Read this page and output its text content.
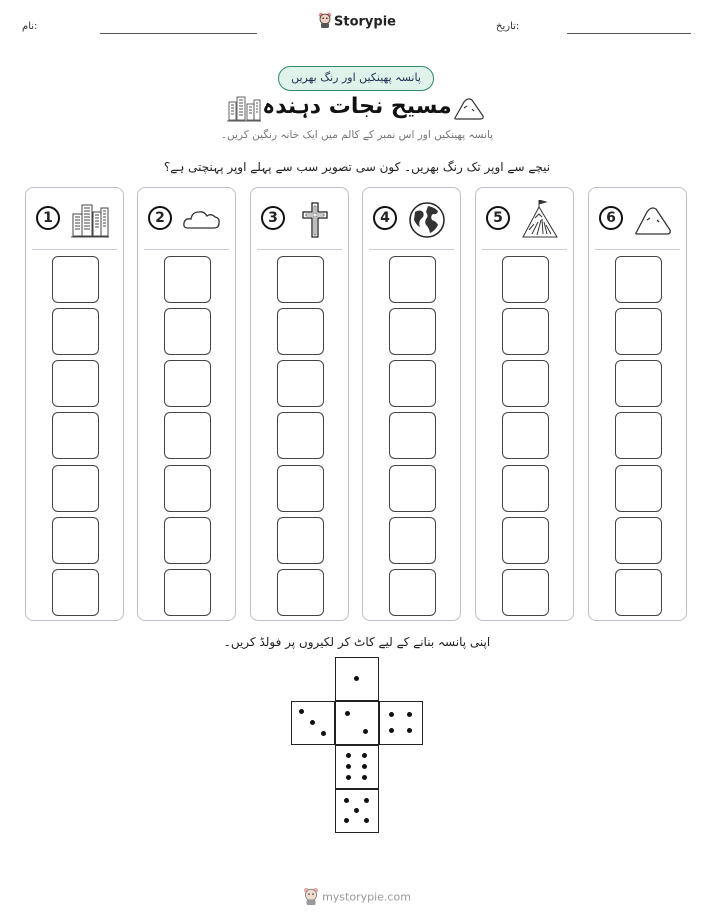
نام:	Storypie	تاریخ:
پانسہ پھینکیں اور رنگ بھریں
مسیح نجات دہندہ
پانسہ پھینکیں اور اس نمبر کے کالم میں ایک خانہ رنگین کریں۔
نیچے سے اوپر تک رنگ بھریں۔ کون سی تصویر سب سے پہلے اوپر پہنچتی ہے؟
1	2	3	4	5	6
اپنی پانسہ بنانے کے لیے کاٹ کر لکیروں پر فولڈ کریں۔
mystorypie.com
